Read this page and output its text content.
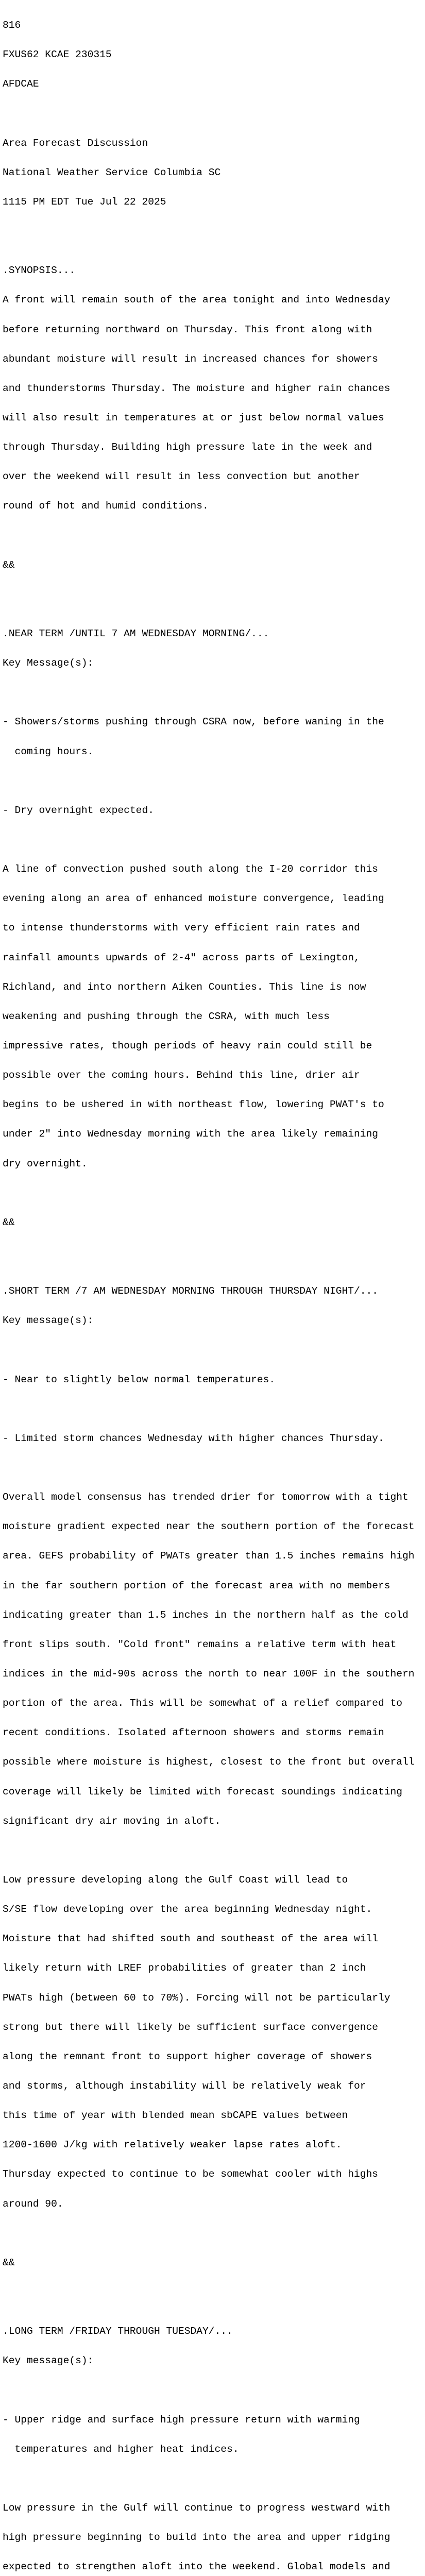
816

FXUS62 KCAE 230315

AFDCAE

Area Forecast Discussion

National Weather Service Columbia SC

1115 PM EDT Tue Jul 22 2025

.SYNOPSIS...

A front will remain south of the area tonight and into Wednesday

before returning northward on Thursday. This front along with

abundant moisture will result in increased chances for showers

and thunderstorms Thursday. The moisture and higher rain chances

will also result in temperatures at or just below normal values

through Thursday. Building high pressure late in the week and

over the weekend will result in less convection but another

round of hot and humid conditions.

&&

.NEAR TERM /UNTIL 7 AM WEDNESDAY MORNING/...

Key Message(s):

- Showers/storms pushing through CSRA now, before waning in the

coming hours.

- Dry overnight expected.

A line of convection pushed south along the I-20 corridor this

evening along an area of enhanced moisture convergence, leading

to intense thunderstorms with very efficient rain rates and

rainfall amounts upwards of 2-4" across parts of Lexington,

Richland, and into northern Aiken Counties. This line is now

weakening and pushing through the CSRA, with much less

impressive rates, though periods of heavy rain could still be

possible over the coming hours. Behind this line, drier air

begins to be ushered in with northeast flow, lowering PWAT's to

under 2" into Wednesday morning with the area likely remaining

dry overnight.

&&

.SHORT TERM /7 AM WEDNESDAY MORNING THROUGH THURSDAY NIGHT/...

Key message(s):

- Near to slightly below normal temperatures.

- Limited storm chances Wednesday with higher chances Thursday.

Overall model consensus has trended drier for tomorrow with a tight

moisture gradient expected near the southern portion of the forecast

area. GEFS probability of PWATs greater than 1.5 inches remains high

in the far southern portion of the forecast area with no members

indicating greater than 1.5 inches in the northern half as the cold

front slips south. "Cold front" remains a relative term with heat

indices in the mid-90s across the north to near 100F in the southern

portion of the area. This will be somewhat of a relief compared to

recent conditions. Isolated afternoon showers and storms remain

possible where moisture is highest, closest to the front but overall

coverage will likely be limited with forecast soundings indicating

significant dry air moving in aloft.

Low pressure developing along the Gulf Coast will lead to

S/SE flow developing over the area beginning Wednesday night.

Moisture that had shifted south and southeast of the area will

likely return with LREF probabilities of greater than 2 inch

PWATs high (between 60 to 70%). Forcing will not be particularly

strong but there will likely be sufficient surface convergence

along the remnant front to support higher coverage of showers

and storms, although instability will be relatively weak for

this time of year with blended mean sbCAPE values between

1200-1600 J/kg with relatively weaker lapse rates aloft.

Thursday expected to continue to be somewhat cooler with highs

around 90.

&&

.LONG TERM /FRIDAY THROUGH TUESDAY/...

Key message(s):

- Upper ridge and surface high pressure return with warming

temperatures and higher heat indices.

Low pressure in the Gulf will continue to progress westward with

high pressure beginning to build into the area and upper ridging

expected to strengthen aloft into the weekend. Global models and
